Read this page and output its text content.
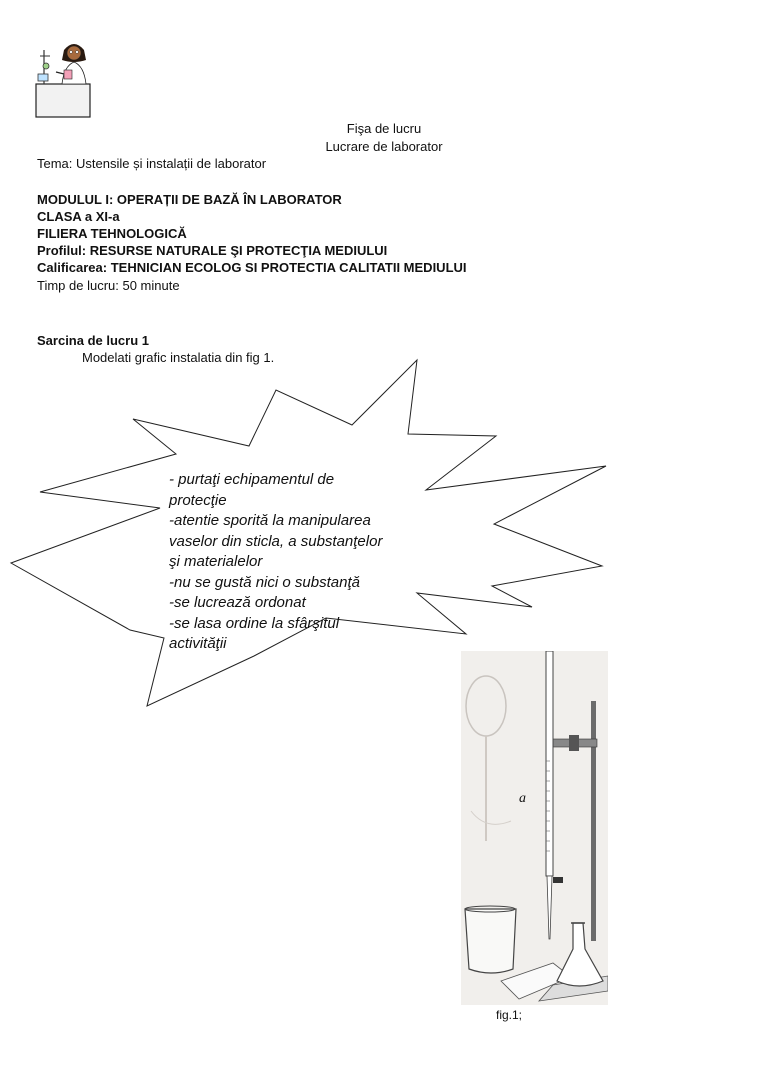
Fişa de lucru
Lucrare de laborator
Tema: Ustensile și instalații de laborator
MODULUL I: OPERAȚII DE BAZĂ ÎN LABORATOR
CLASA a XI-a
FILIERA TEHNOLOGICĂ
Profilul: RESURSE NATURALE ŞI PROTECŢIA MEDIULUI
Calificarea: TEHNICIAN ECOLOG SI PROTECTIA CALITATII MEDIULUI
Timp de lucru: 50 minute
Sarcina de lucru 1
Modelati grafic instalatia din fig 1.
- purtaţi echipamentul de
protecţie
-atentie sporită la manipularea
vaselor din sticla, a substanţelor
şi materialelor
-nu se gustă nici o substanţă
-se lucrează ordonat
-se lasa ordine la sfârşitul
activităţii
a
fig.1;
